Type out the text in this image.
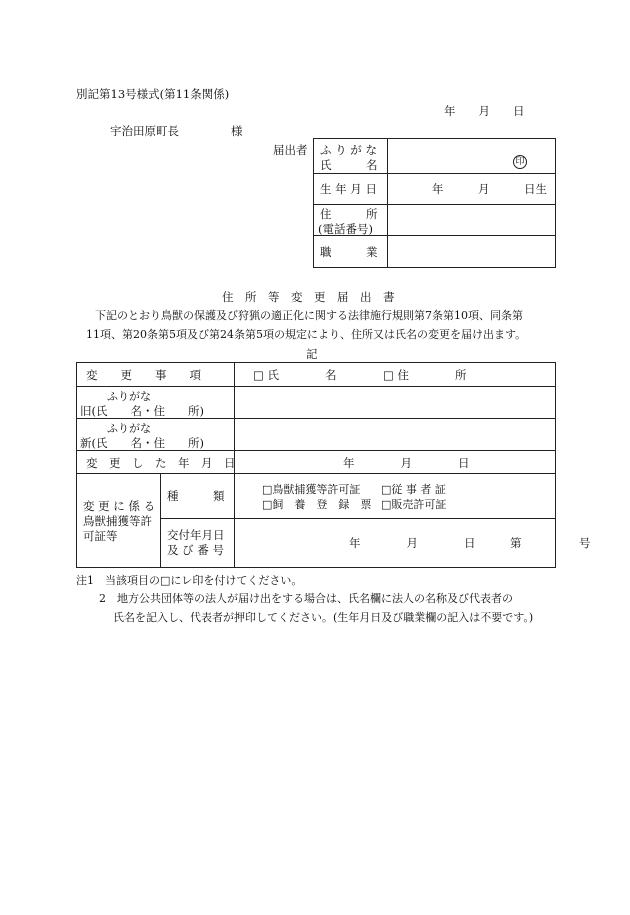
別記第13号様式(第11条関係)
年　　月　　日
宇治田原町長	様
届出者 ふ り が な
氏　　　名	印
生 年 月 日	年　　　月　　　日生
住　　　所
(電話番号)
職　　　業
住　所　等　変　更　届　出　書
下記のとおり鳥獣の保護及び狩猟の適正化に関する法律施行規則第7条第10項、同条第
11項、第20条第5項及び第24条第5項の規定により、住所又は氏名の変更を届け出ます。
記
変　　更　　事　　項	□ 氏　　　　名	□ 住　　　　所
ふりがな
旧(氏　　名・住　　所)
ふりがな
新(氏　　名・住　　所)
変　更　し　た　年　月　日	年　　　　月　　　　日
変 更 に 係 る
鳥獣捕獲等許
可証等
種　　　類	□鳥獣捕獲等許可証 □従 事 者 証
□飼　養　登　録　票 □販売許可証
交付年月日
及 び 番 号	年　　　　月　　　　日　　　第　　　　　号
注1　当該項目の□にレ印を付けてください。
2　地方公共団体等の法人が届け出をする場合は、氏名欄に法人の名称及び代表者の
氏名を記入し、代表者が押印してください。(生年月日及び職業欄の記入は不要です。)
